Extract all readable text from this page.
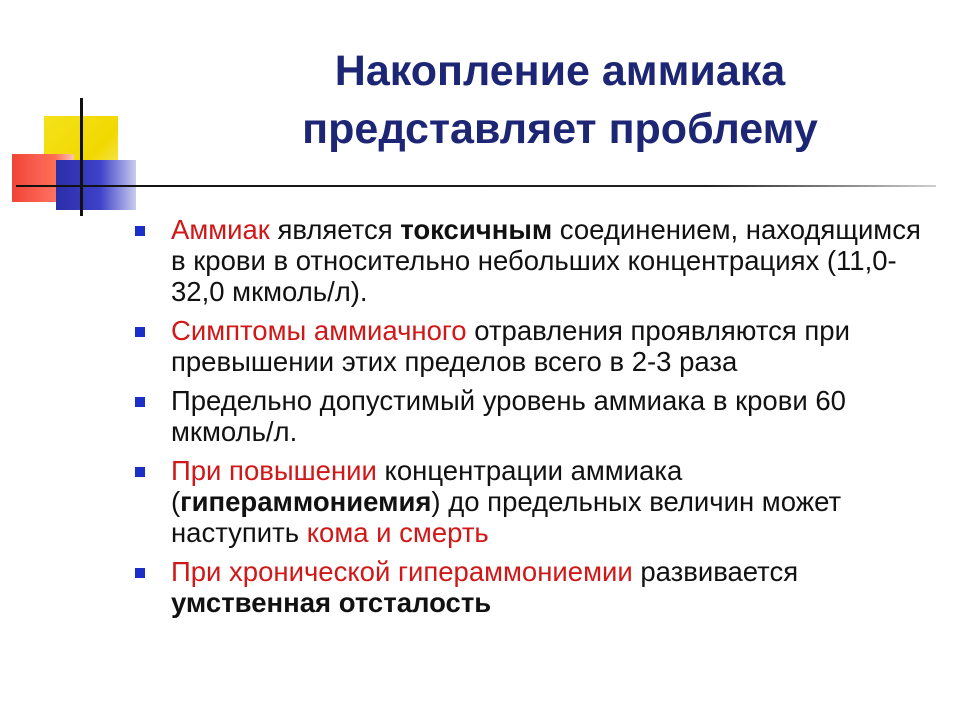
Накопление аммиака
представляет проблему
Аммиак является токсичным соединением, находящимся в крови в относительно небольших концентрациях (11,0-32,0 мкмоль/л).
Симптомы аммиачного отравления проявляются при превышении этих пределов всего в 2-3 раза
Предельно допустимый уровень аммиака в крови 60 мкмоль/л.
При повышении концентрации аммиака (гипераммониемия) до предельных величин может наступить кома и смерть
При хронической гипераммониемии развивается
умственная отсталость
